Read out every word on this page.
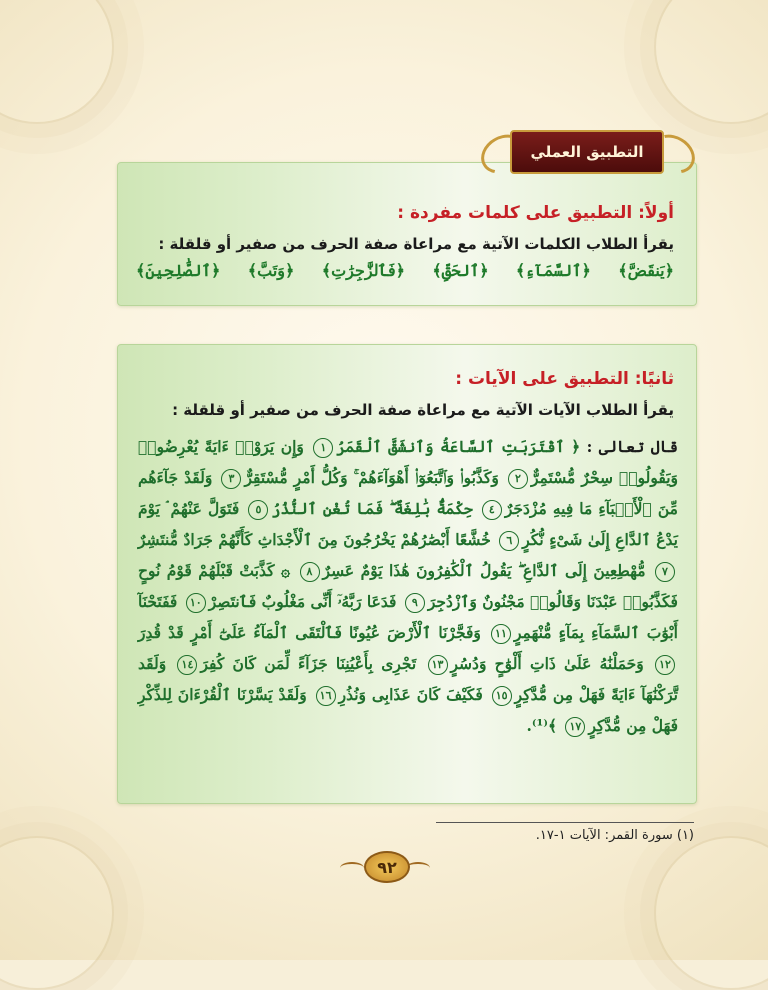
أولاً: التطبيق على كلمات مفردة :
يقرأ الطلاب الكلمات الآتية مع مراعاة صفة الحرف من صفير أو قلقلة :
﴿يَنقَضَّ﴾
﴿ٱلسَّمَآءِ﴾
﴿ٱلحَقِّ﴾
﴿فَٱلزَّٰجِرَٰتِ﴾
﴿وَتَبَّ﴾
﴿ٱلصَّٰلِحِينَ﴾
التطبيق العملي
ثانيًا: التطبيق على الآيات :
يقرأ الطلاب الآيات الآتية مع مراعاة صفة الحرف من صفير أو قلقلة :
قال تعالى : ﴿ ٱقْتَرَبَتِ ٱلسَّاعَةُ وَٱنشَقَّ ٱلْقَمَرُ١ وَإِن يَرَوْا۟ ءَايَةً يُعْرِضُوا۟ وَيَقُولُوا۟ سِحْرٌ مُّسْتَمِرٌّ٢ وَكَذَّبُوا۟ وَٱتَّبَعُوٓا۟ أَهْوَآءَهُمْ ۚ وَكُلُّ أَمْرٍ مُّسْتَقِرٌّ٣ وَلَقَدْ جَآءَهُم مِّنَ ٱلْأَنۢبَآءِ مَا فِيهِ مُزْدَجَرٌ٤ حِكْمَةٌۢ بَٰلِغَةٌ ۖ فَمَا تُغْنِ ٱلنُّذُرُ٥ فَتَوَلَّ عَنْهُمْ ۘ يَوْمَ يَدْعُ ٱلدَّاعِ إِلَىٰ شَىْءٍ نُّكُرٍ٦ خُشَّعًا أَبْصَٰرُهُمْ يَخْرُجُونَ مِنَ ٱلْأَجْدَاثِ كَأَنَّهُمْ جَرَادٌ مُّنتَشِرٌ٧ مُّهْطِعِينَ إِلَى ٱلدَّاعِ ۖ يَقُولُ ٱلْكَٰفِرُونَ هَٰذَا يَوْمٌ عَسِرٌ٨ ۞ كَذَّبَتْ قَبْلَهُمْ قَوْمُ نُوحٍ فَكَذَّبُوا۟ عَبْدَنَا وَقَالُوا۟ مَجْنُونٌ وَٱزْدُجِرَ٩ فَدَعَا رَبَّهُۥٓ أَنِّى مَغْلُوبٌ فَٱنتَصِرْ١٠ فَفَتَحْنَآ أَبْوَٰبَ ٱلسَّمَآءِ بِمَآءٍ مُّنْهَمِرٍ١١ وَفَجَّرْنَا ٱلْأَرْضَ عُيُونًا فَٱلْتَقَى ٱلْمَآءُ عَلَىٰٓ أَمْرٍ قَدْ قُدِرَ١٢ وَحَمَلْنَٰهُ عَلَىٰ ذَاتِ أَلْوَٰحٍ وَدُسُرٍ١٣ تَجْرِى بِأَعْيُنِنَا جَزَآءً لِّمَن كَانَ كُفِرَ١٤ وَلَقَد تَّرَكْنَٰهَآ ءَايَةً فَهَلْ مِن مُّدَّكِرٍ١٥ فَكَيْفَ كَانَ عَذَابِى وَنُذُرِ١٦ وَلَقَدْ يَسَّرْنَا ٱلْقُرْءَانَ لِلذِّكْرِ فَهَلْ مِن مُّدَّكِرٍ١٧ ﴾⁽¹⁾.
(١) سورة القمر: الآيات ١-١٧.
٩٢
